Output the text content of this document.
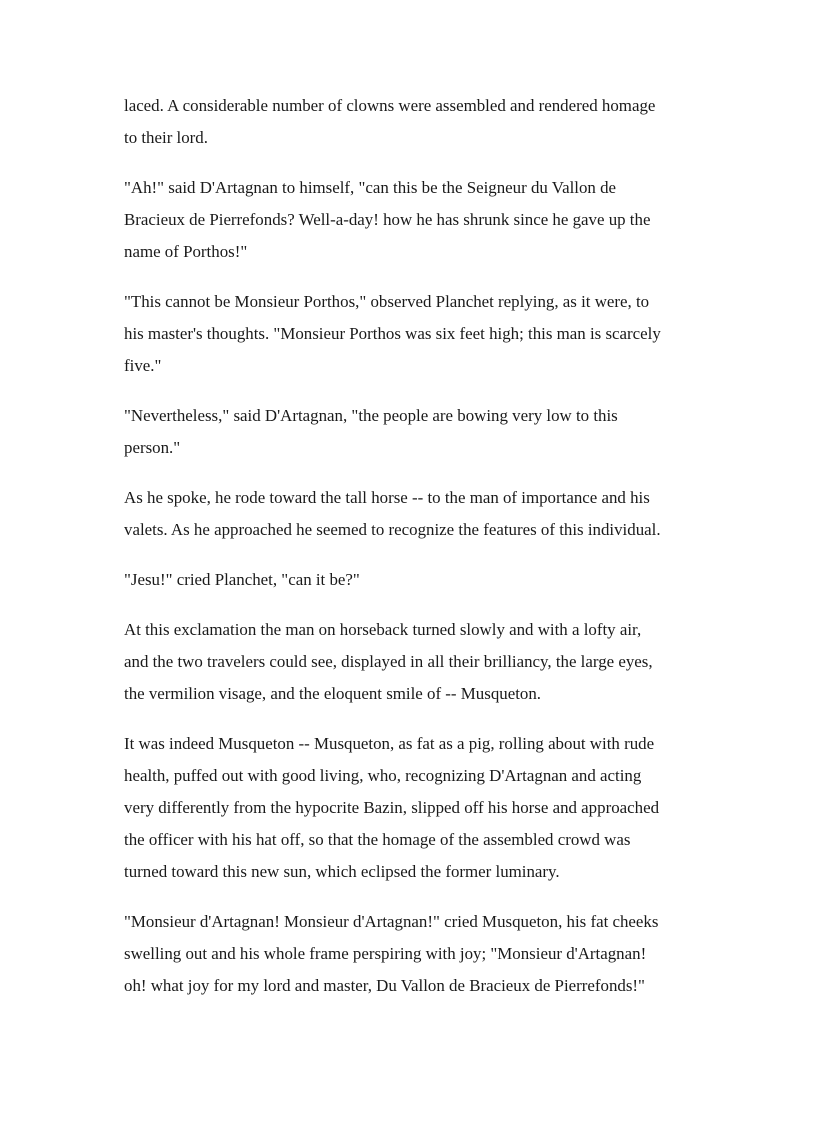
laced. A considerable number of clowns were assembled and rendered homage
to their lord.

"Ah!" said D'Artagnan to himself, "can this be the Seigneur du Vallon de
Bracieux de Pierrefonds? Well-a-day! how he has shrunk since he gave up the
name of Porthos!"

"This cannot be Monsieur Porthos," observed Planchet replying, as it were, to
his master's thoughts. "Monsieur Porthos was six feet high; this man is scarcely
five."

"Nevertheless," said D'Artagnan, "the people are bowing very low to this
person."

As he spoke, he rode toward the tall horse -- to the man of importance and his
valets. As he approached he seemed to recognize the features of this individual.

"Jesu!" cried Planchet, "can it be?"

At this exclamation the man on horseback turned slowly and with a lofty air,
and the two travelers could see, displayed in all their brilliancy, the large eyes,
the vermilion visage, and the eloquent smile of -- Musqueton.

It was indeed Musqueton -- Musqueton, as fat as a pig, rolling about with rude
health, puffed out with good living, who, recognizing D'Artagnan and acting
very differently from the hypocrite Bazin, slipped off his horse and approached
the officer with his hat off, so that the homage of the assembled crowd was
turned toward this new sun, which eclipsed the former luminary.

"Monsieur d'Artagnan! Monsieur d'Artagnan!" cried Musqueton, his fat cheeks
swelling out and his whole frame perspiring with joy; "Monsieur d'Artagnan!
oh! what joy for my lord and master, Du Vallon de Bracieux de Pierrefonds!"
